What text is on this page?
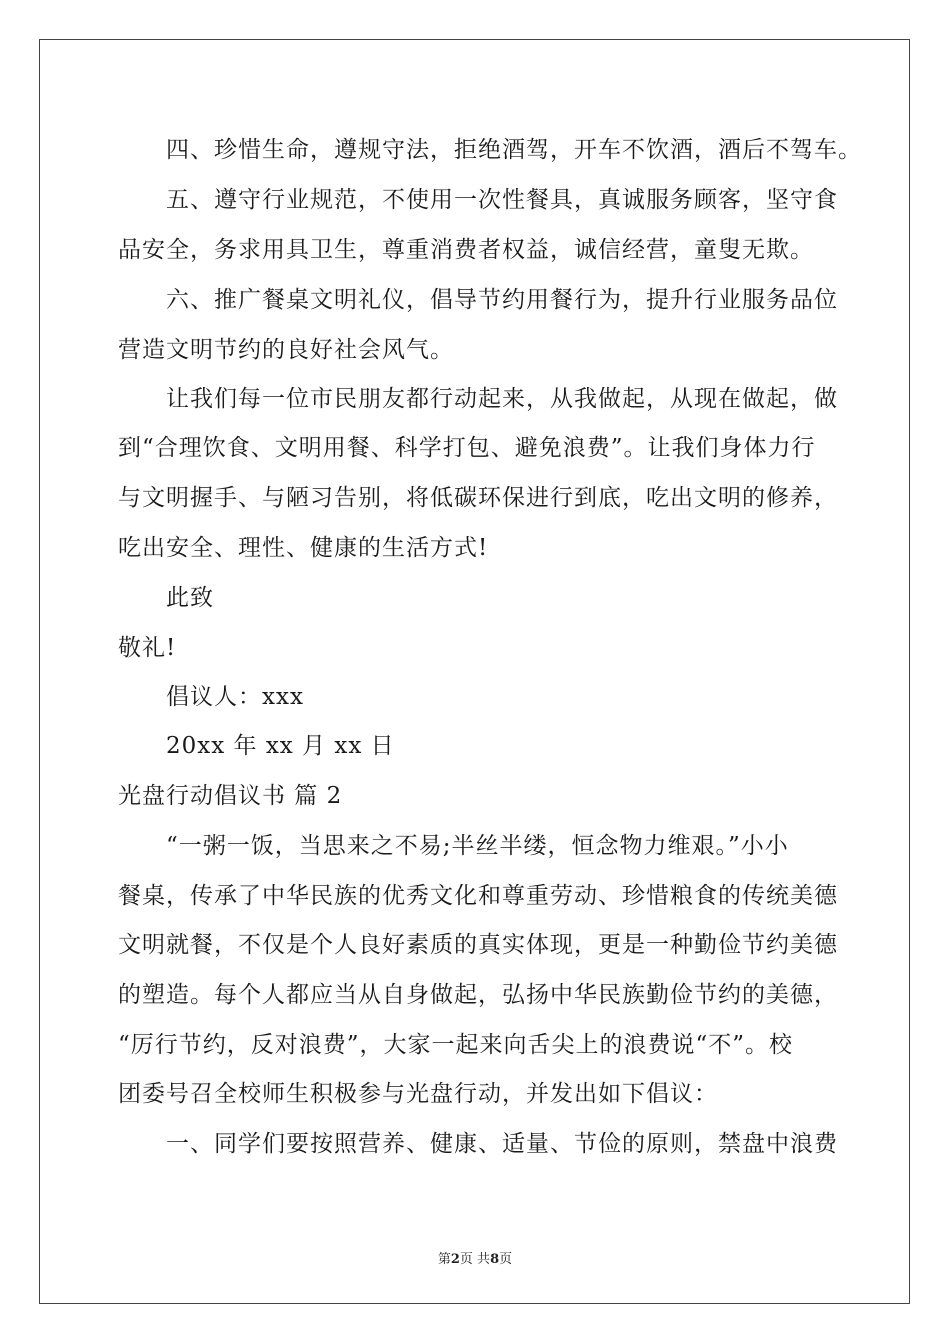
四、珍惜生命，遵规守法，拒绝酒驾，开车不饮酒，酒后不驾车。
五、遵守行业规范，不使用一次性餐具，真诚服务顾客，坚守食
品安全，务求用具卫生，尊重消费者权益，诚信经营，童叟无欺。
六、推广餐桌文明礼仪，倡导节约用餐行为，提升行业服务品位
营造文明节约的良好社会风气。
让我们每一位市民朋友都行动起来，从我做起，从现在做起，做
到“合理饮食、文明用餐、科学打包、避免浪费”。让我们身体力行
与文明握手、与陋习告别，将低碳环保进行到底，吃出文明的修养，
吃出安全、理性、健康的生活方式!
此致
敬礼!
倡议人：xxx
20xx 年 xx 月 xx 日
光盘行动倡议书 篇 2
“一粥一饭，当思来之不易;半丝半缕，恒念物力维艰。”小小
餐桌，传承了中华民族的优秀文化和尊重劳动、珍惜粮食的传统美德
文明就餐，不仅是个人良好素质的真实体现，更是一种勤俭节约美德
的塑造。每个人都应当从自身做起，弘扬中华民族勤俭节约的美德，
“厉行节约，反对浪费”，大家一起来向舌尖上的浪费说“不”。校
团委号召全校师生积极参与光盘行动，并发出如下倡议：
一、同学们要按照营养、健康、适量、节俭的原则，禁盘中浪费
第2页 共8页
